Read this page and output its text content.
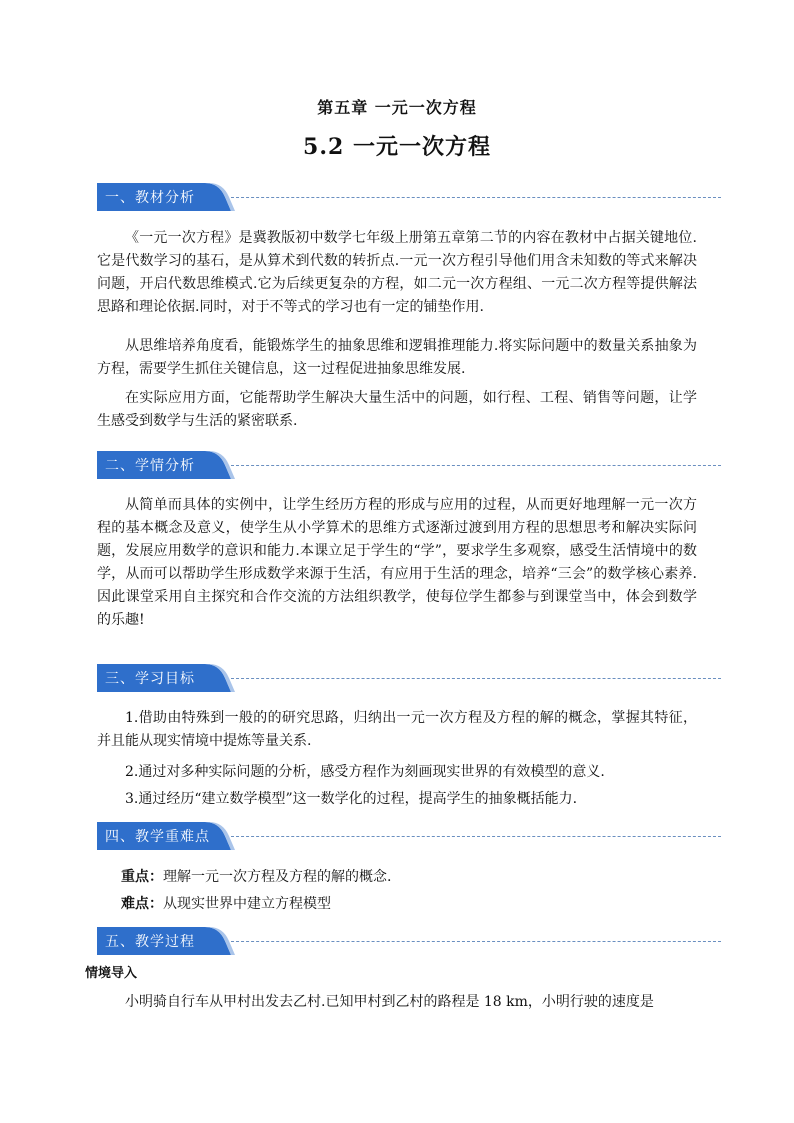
第五章 一元一次方程
5.2 一元一次方程
一、教材分析

《一元一次方程》是冀教版初中数学七年级上册第五章第二节的内容在教材中占据关键地位.它是代数学习的基石，是从算术到代数的转折点.一元一次方程引导他们用含未知数的等式来解决问题，开启代数思维模式.它为后续更复杂的方程，如二元一次方程组、一元二次方程等提供解法思路和理论依据.同时，对于不等式的学习也有一定的铺垫作用.

从思维培养角度看，能锻炼学生的抽象思维和逻辑推理能力.将实际问题中的数量关系抽象为方程，需要学生抓住关键信息，这一过程促进抽象思维发展.

在实际应用方面，它能帮助学生解决大量生活中的问题，如行程、工程、销售等问题，让学生感受到数学与生活的紧密联系.

二、学情分析

从简单而具体的实例中，让学生经历方程的形成与应用的过程，从而更好地理解一元一次方程的基本概念及意义，使学生从小学算术的思维方式逐渐过渡到用方程的思想思考和解决实际问题，发展应用数学的意识和能力.本课立足于学生的“学”，要求学生多观察，感受生活情境中的数学，从而可以帮助学生形成数学来源于生活，有应用于生活的理念，培养“三会”的数学核心素养.因此课堂采用自主探究和合作交流的方法组织教学，使每位学生都参与到课堂当中，体会到数学的乐趣!

三、学习目标

1.借助由特殊到一般的的研究思路，归纳出一元一次方程及方程的解的概念，掌握其特征，并且能从现实情境中提炼等量关系.

2.通过对多种实际问题的分析，感受方程作为刻画现实世界的有效模型的意义.

3.通过经历“建立数学模型”这一数学化的过程，提高学生的抽象概括能力.

四、教学重难点

重点：理解一元一次方程及方程的解的概念.

难点：从现实世界中建立方程模型

五、教学过程
情境导入

小明骑自行车从甲村出发去乙村.已知甲村到乙村的路程是 18 km，小明行驶的速度是
